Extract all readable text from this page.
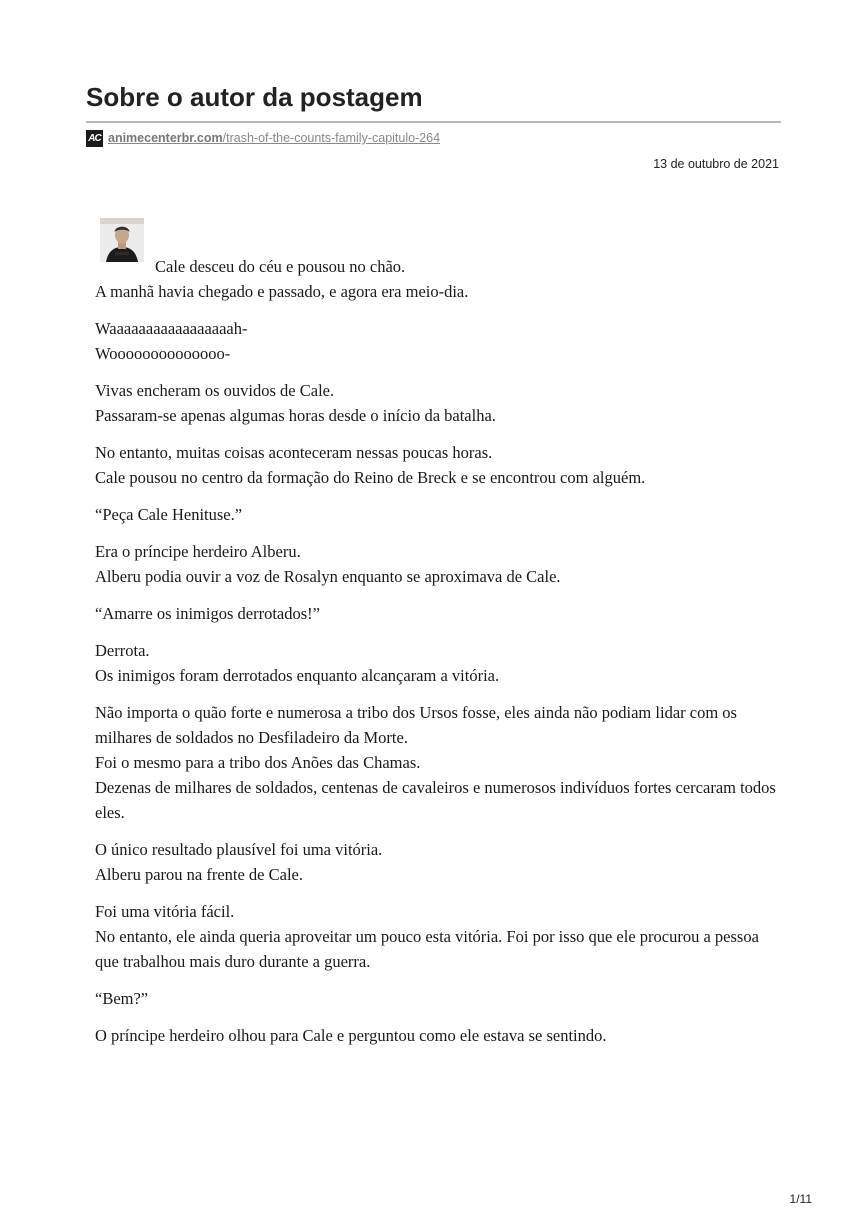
Sobre o autor da postagem
AC animecenterbr.com/trash-of-the-counts-family-capitulo-264
13 de outubro de 2021

Cale desceu do céu e pousou no chão.
A manhã havia chegado e passado, e agora era meio-dia.

Waaaaaaaaaaaaaaaaah-
Woooooooooooooo-

Vivas encheram os ouvidos de Cale.
Passaram-se apenas algumas horas desde o início da batalha.

No entanto, muitas coisas aconteceram nessas poucas horas.
Cale pousou no centro da formação do Reino de Breck e se encontrou com alguém.

“Peça Cale Henituse.”

Era o príncipe herdeiro Alberu.
Alberu podia ouvir a voz de Rosalyn enquanto se aproximava de Cale.

“Amarre os inimigos derrotados!”

Derrota.
Os inimigos foram derrotados enquanto alcançaram a vitória.

Não importa o quão forte e numerosa a tribo dos Ursos fosse, eles ainda não podiam lidar com os milhares de soldados no Desfiladeiro da Morte.
Foi o mesmo para a tribo dos Anões das Chamas.
Dezenas de milhares de soldados, centenas de cavaleiros e numerosos indivíduos fortes cercaram todos eles.

O único resultado plausível foi uma vitória.
Alberu parou na frente de Cale.

Foi uma vitória fácil.
No entanto, ele ainda queria aproveitar um pouco esta vitória. Foi por isso que ele procurou a pessoa que trabalhou mais duro durante a guerra.

“Bem?”

O príncipe herdeiro olhou para Cale e perguntou como ele estava se sentindo.

1/11
